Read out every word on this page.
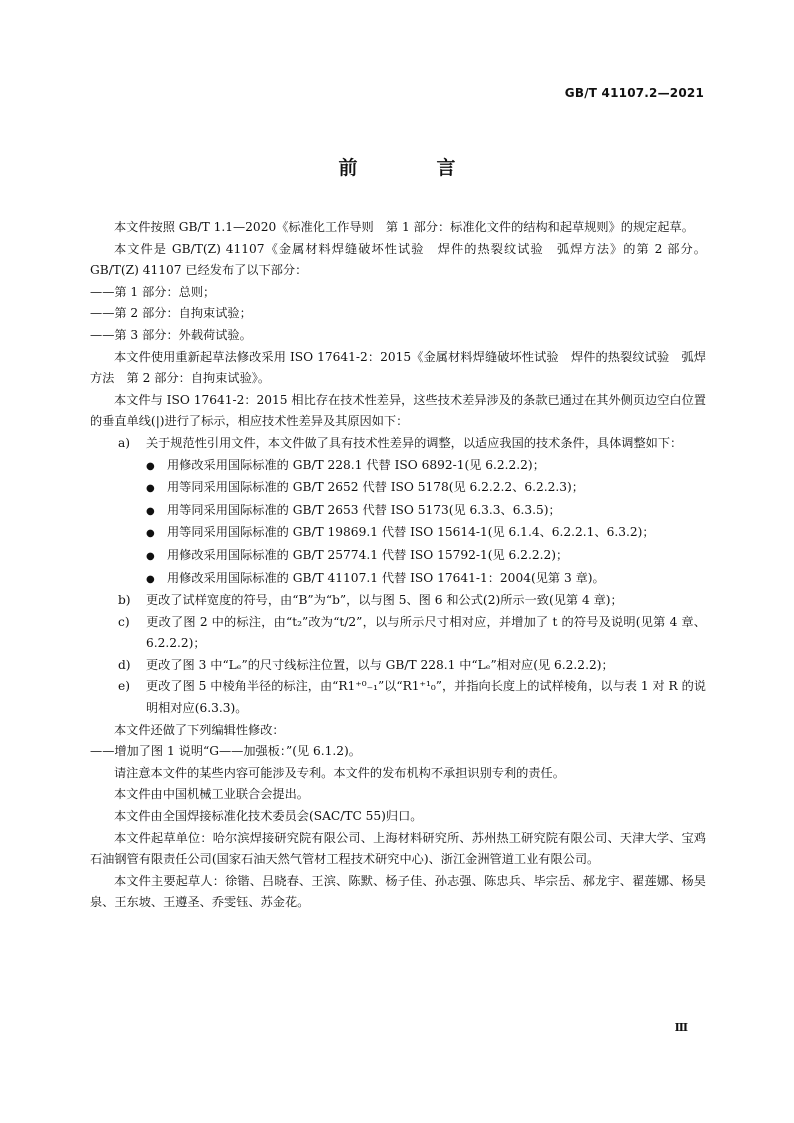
GB/T 41107.2—2021
前　言

本文件按照 GB/T 1.1—2020《标准化工作导则　第 1 部分：标准化文件的结构和起草规则》的规定起草。

本文件是 GB/T(Z) 41107《金属材料焊缝破坏性试验　焊件的热裂纹试验　弧焊方法》的第 2 部分。GB/T(Z) 41107 已经发布了以下部分：

——第 1 部分：总则；

——第 2 部分：自拘束试验；

——第 3 部分：外载荷试验。

本文件使用重新起草法修改采用 ISO 17641-2：2015《金属材料焊缝破坏性试验　焊件的热裂纹试验　弧焊方法　第 2 部分：自拘束试验》。

本文件与 ISO 17641-2：2015 相比存在技术性差异，这些技术差异涉及的条款已通过在其外侧页边空白位置的垂直单线(|)进行了标示，相应技术性差异及其原因如下：

a) 关于规范性引用文件，本文件做了具有技术性差异的调整，以适应我国的技术条件，具体调整如下：

● 用修改采用国际标准的 GB/T 228.1 代替 ISO 6892-1(见 6.2.2.2)；

● 用等同采用国际标准的 GB/T 2652 代替 ISO 5178(见 6.2.2.2、6.2.2.3)；

● 用等同采用国际标准的 GB/T 2653 代替 ISO 5173(见 6.3.3、6.3.5)；

● 用等同采用国际标准的 GB/T 19869.1 代替 ISO 15614-1(见 6.1.4、6.2.2.1、6.3.2)；

● 用修改采用国际标准的 GB/T 25774.1 代替 ISO 15792-1(见 6.2.2.2)；

● 用修改采用国际标准的 GB/T 41107.1 代替 ISO 17641-1：2004(见第 3 章)。

b) 更改了试样宽度的符号，由“B”为“b”，以与图 5、图 6 和公式(2)所示一致(见第 4 章)；

c) 更改了图 2 中的标注，由“t₂”改为“t/2”，以与所示尺寸相对应，并增加了 t 的符号及说明(见第 4 章、6.2.2.2)；

d) 更改了图 3 中“Lₑ”的尺寸线标注位置，以与 GB/T 228.1 中“Lₑ”相对应(见 6.2.2.2)；

e) 更改了图 5 中棱角半径的标注，由“R1⁺⁰₋₁”以“R1⁺¹₀”，并指向长度上的试样棱角，以与表 1 对 R 的说明相对应(6.3.3)。

本文件还做了下列编辑性修改：

——增加了图 1 说明“G——加强板：”(见 6.1.2)。

请注意本文件的某些内容可能涉及专利。本文件的发布机构不承担识别专利的责任。

本文件由中国机械工业联合会提出。

本文件由全国焊接标准化技术委员会(SAC/TC 55)归口。

本文件起草单位：哈尔滨焊接研究院有限公司、上海材料研究所、苏州热工研究院有限公司、天津大学、宝鸡石油钢管有限责任公司(国家石油天然气管材工程技术研究中心)、浙江金洲管道工业有限公司。

本文件主要起草人：徐锴、吕晓春、王滨、陈默、杨子佳、孙志强、陈忠兵、毕宗岳、郝龙宇、翟莲娜、杨昊泉、王东坡、王遵圣、乔雯钰、苏金花。

Ⅲ
